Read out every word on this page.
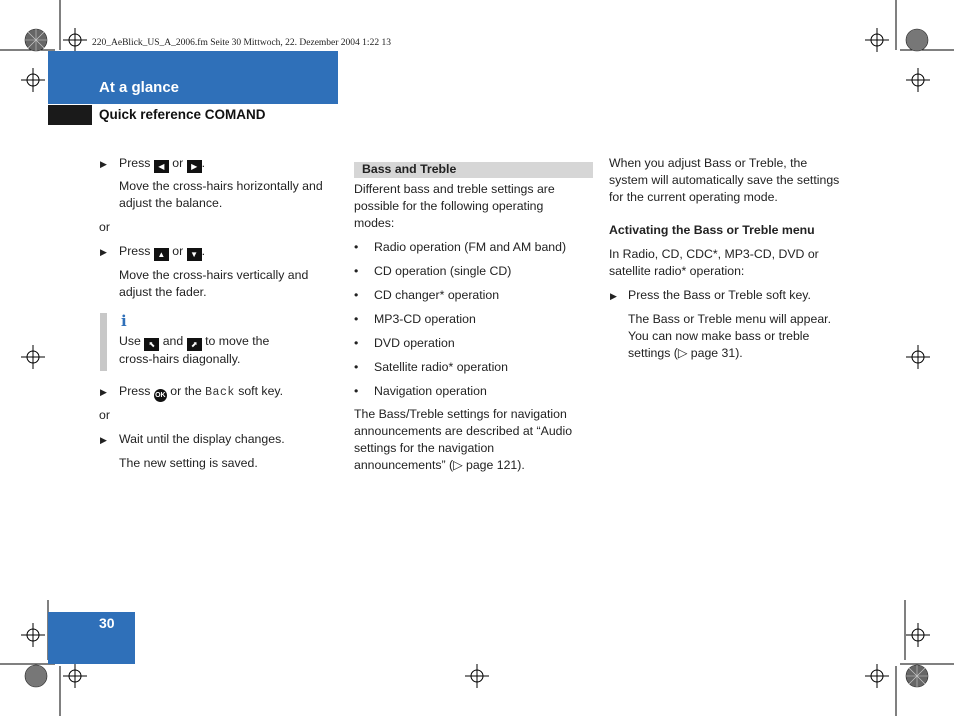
220_AeBlick_US_A_2006.fm Seite 30 Mittwoch, 22. Dezember 2004 1:22 13
At a glance
Quick reference COMAND
▶ Press ◀ or ▶ .
Move the cross-hairs horizontally and
adjust the balance.
or
▶ Press ▲ or ▼ .
Move the cross-hairs vertically and
adjust the fader.
i
Use ⬉ and ⬈ to move the
cross-hairs diagonally.
▶ Press OK or the Back soft key.
or
▶ Wait until the display changes.
The new setting is saved.
Bass and Treble
Different bass and treble settings are
possible for the following operating
modes:
• Radio operation (FM and AM band)
• CD operation (single CD)
• CD changer* operation
• MP3-CD operation
• DVD operation
• Satellite radio* operation
• Navigation operation
The Bass/Treble settings for navigation
announcements are described at “Audio
settings for the navigation
announcements” (▷ page 121).
When you adjust Bass or Treble, the
system will automatically save the settings
for the current operating mode.
Activating the Bass or Treble menu
In Radio, CD, CDC*, MP3-CD, DVD or
satellite radio* operation:
▶ Press the Bass or Treble soft key.
The Bass or Treble menu will appear.
You can now make bass or treble
settings (▷ page 31).
30
